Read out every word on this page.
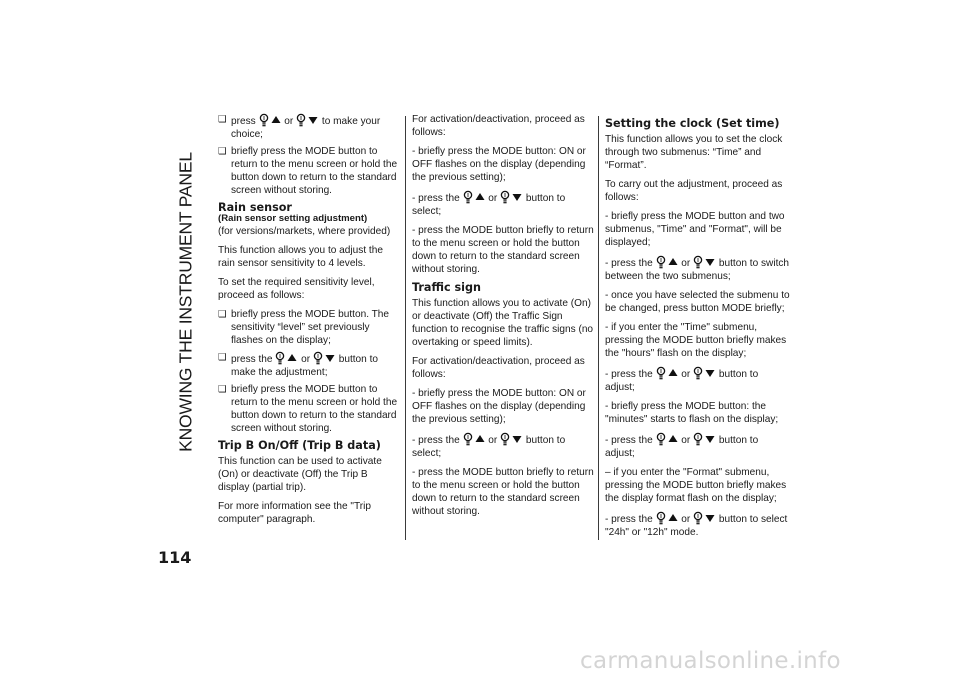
KNOWING THE INSTRUMENT PANEL
114
❑ press
or
to make your choice;
❑ briefly press the MODE button to return to the menu screen or hold the button down to return to the standard screen without storing.
Rain sensor
(Rain sensor setting adjustment)

(for versions/markets, where provided)

This function allows you to adjust the rain sensor sensitivity to 4 levels.

To set the required sensitivity level, proceed as follows:

❑ briefly press the MODE button. The sensitivity “level” set previously flashes on the display;
❑ press the
or
button to make the adjustment;
❑ briefly press the MODE button to return to the menu screen or hold the button down to return to the standard screen without storing.
Trip B On/Off (Trip B data)

This function can be used to activate (On) or deactivate (Off) the Trip B display (partial trip).

For more information see the "Trip computer" paragraph.

For activation/deactivation, proceed as follows:

- briefly press the MODE button: ON or OFF flashes on the display (depending the previous setting);

- press the
or
button to select;

- press the MODE button briefly to return to the menu screen or hold the button down to return to the standard screen without storing.

Traffic sign

This function allows you to activate (On) or deactivate (Off) the Traffic Sign function to recognise the traffic signs (no overtaking or speed limits).

For activation/deactivation, proceed as follows:

- briefly press the MODE button: ON or OFF flashes on the display (depending the previous setting);

- press the
or
button to select;

- press the MODE button briefly to return to the menu screen or hold the button down to return to the standard screen without storing.

Setting the clock (Set time)

This function allows you to set the clock through two submenus: “Time” and “Format”.

To carry out the adjustment, proceed as follows:

- briefly press the MODE button and two submenus, "Time" and "Format", will be displayed;

- press the
or
button to switch between the two submenus;

- once you have selected the submenu to be changed, press button MODE briefly;

- if you enter the "Time" submenu, pressing the MODE button briefly makes the "hours" flash on the display;

- press the
or
button to adjust;

- briefly press the MODE button: the "minutes" starts to flash on the display;

- press the
or
button to adjust;

– if you enter the "Format" submenu, pressing the MODE button briefly makes the display format flash on the display;

- press the
or
button to select "24h" or "12h" mode.

carmanualsonline.info
